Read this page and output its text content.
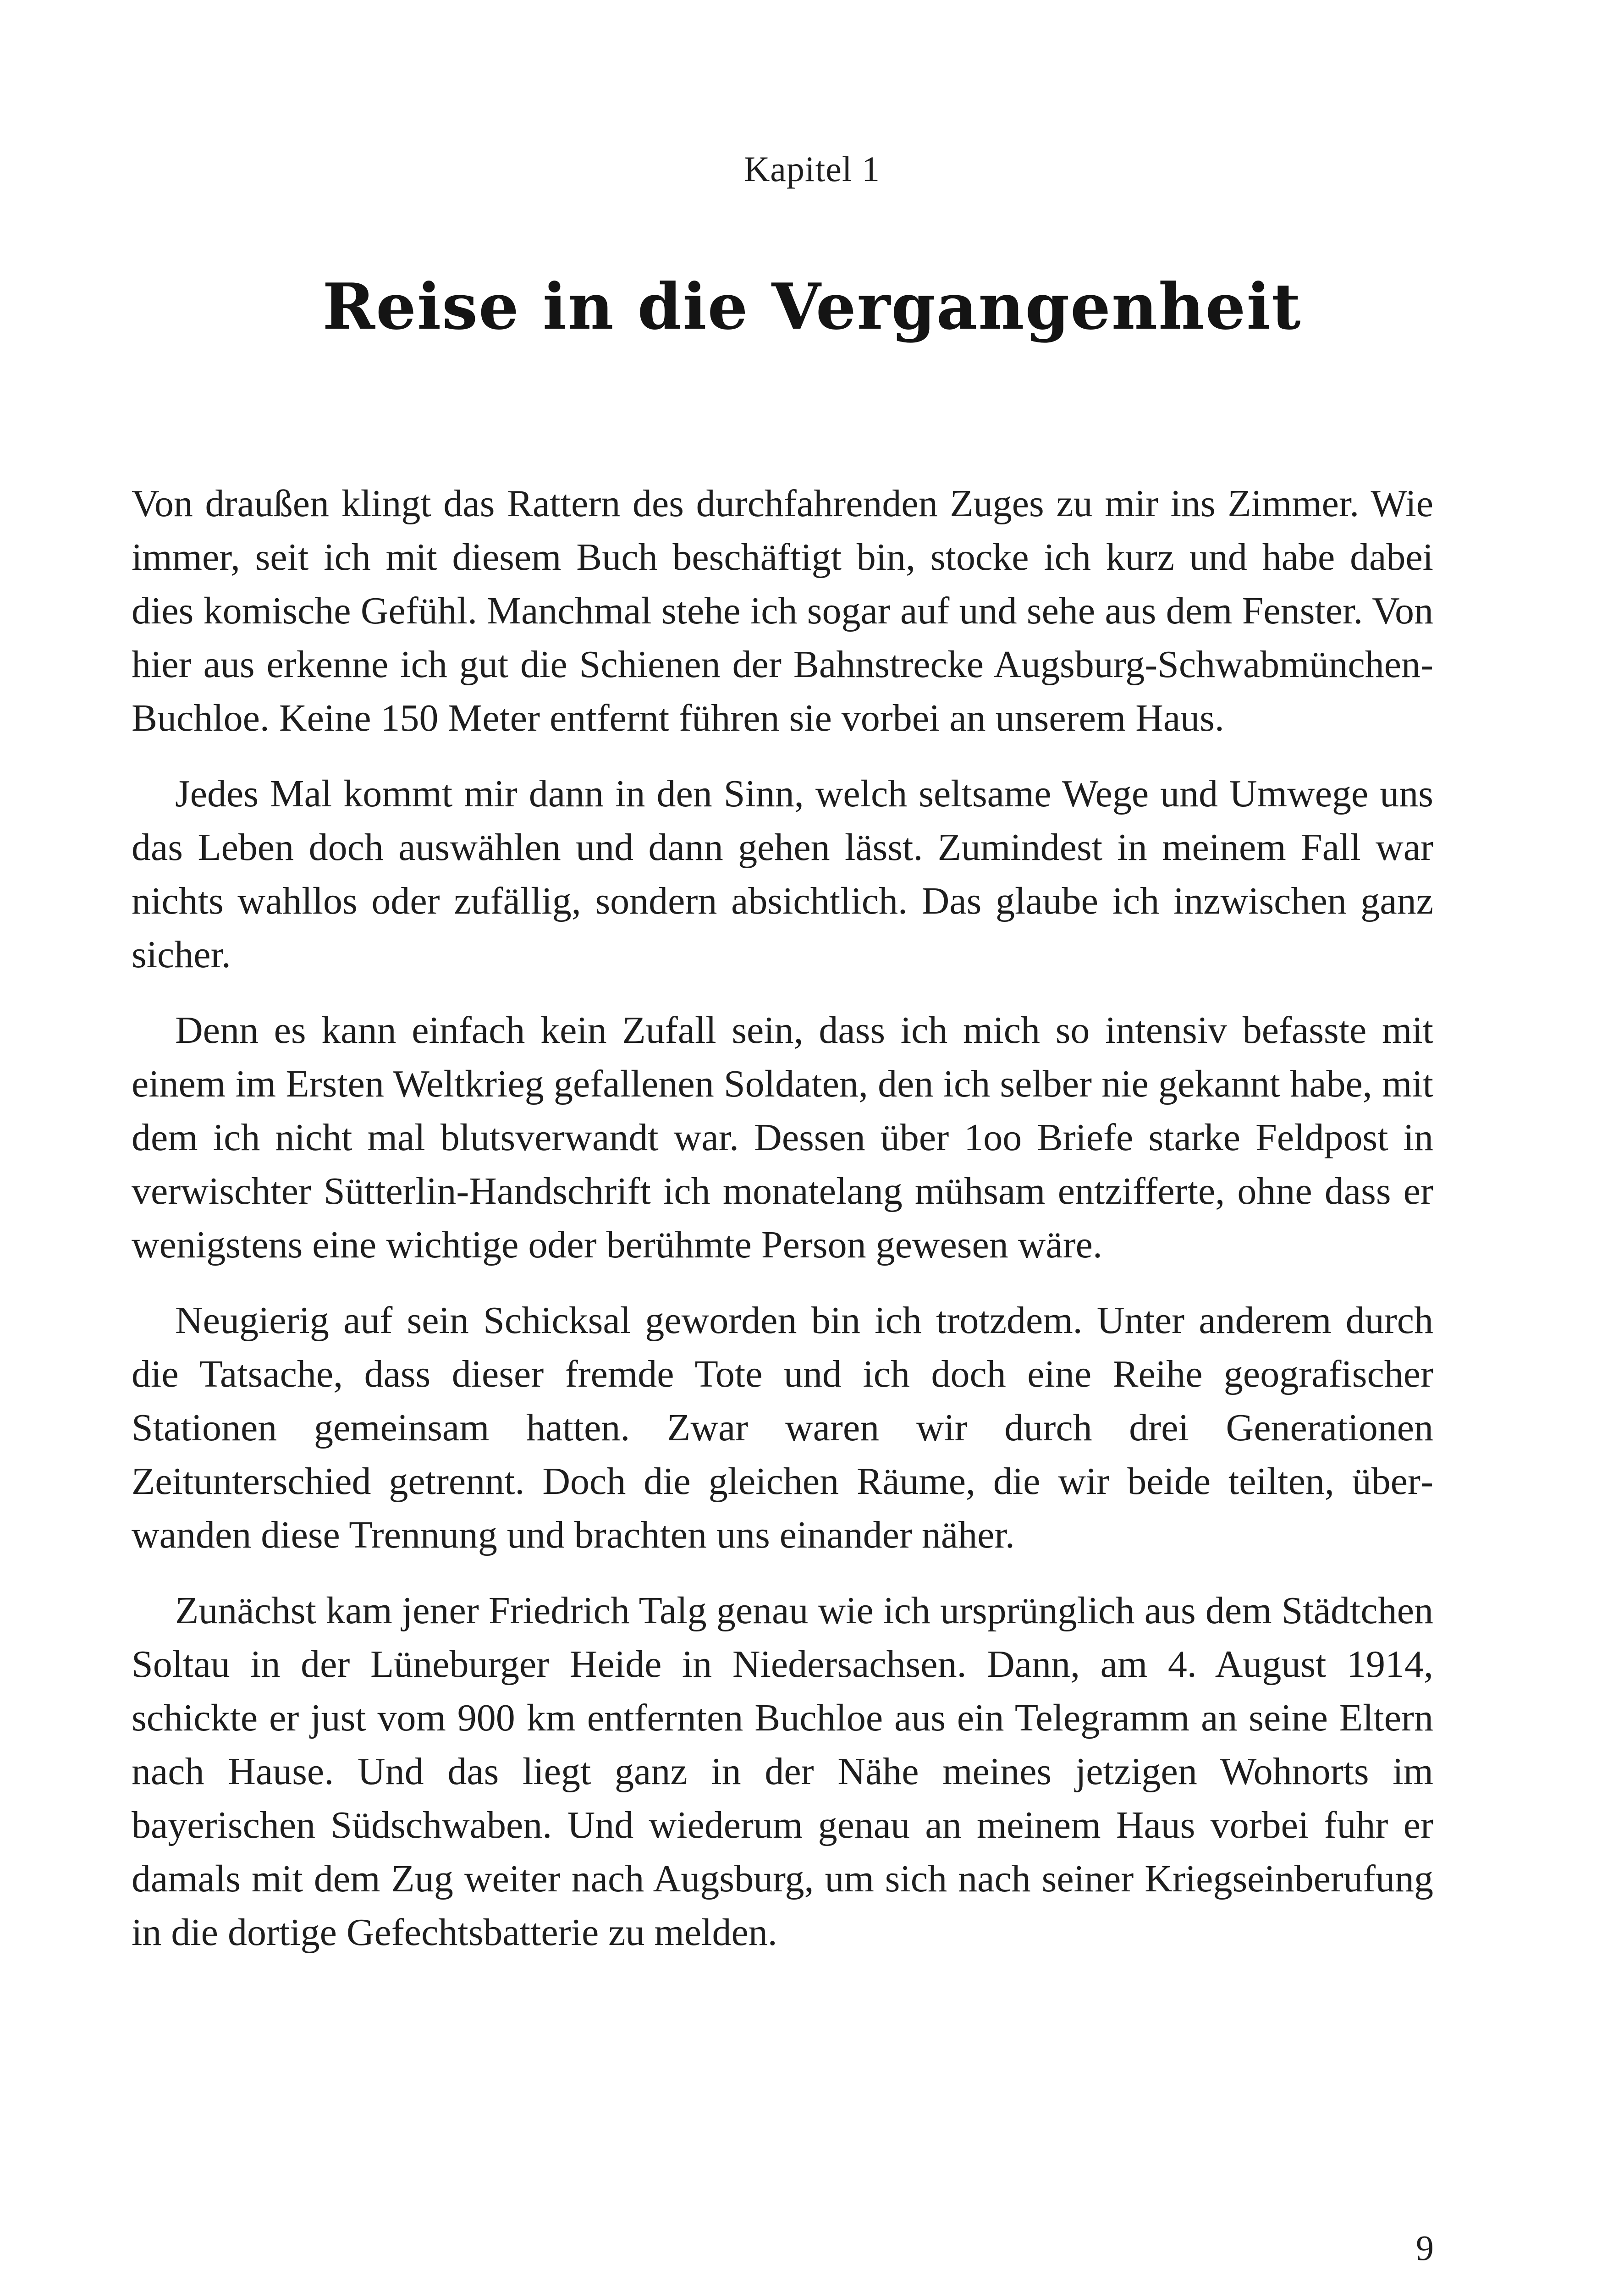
Kapitel 1
Reise in die Vergangenheit

Von draußen klingt das Rattern des durchfahrenden Zuges zu mir ins Zimmer. Wie immer, seit ich mit diesem Buch beschäftigt bin, stocke ich kurz und habe dabei dies komische Gefühl. Manchmal stehe ich sogar auf und sehe aus dem Fenster. Von hier aus erkenne ich gut die Schienen der Bahnstrecke Augsburg-Schwabmünchen-Buchloe. Keine 150 Meter entfernt führen sie vorbei an unserem Haus.

Jedes Mal kommt mir dann in den Sinn, welch seltsame Wege und Umwege uns das Leben doch auswählen und dann gehen lässt. Zumindest in meinem Fall war nichts wahllos oder zufällig, sondern absichtlich. Das glaube ich inzwischen ganz sicher.

Denn es kann einfach kein Zufall sein, dass ich mich so intensiv befasste mit einem im Ersten Weltkrieg gefallenen Soldaten, den ich selber nie gekannt habe, mit dem ich nicht mal blutsverwandt war. Dessen über 1oo Briefe starke Feldpost in verwischter Sütterlin-Handschrift ich monatelang mühsam entzifferte, ohne dass er wenigstens eine wichtige oder berühmte Person gewesen wäre.

Neugierig auf sein Schicksal geworden bin ich trotzdem. Unter anderem durch die Tatsache, dass dieser fremde Tote und ich doch eine Reihe geografischer Stationen gemeinsam hatten. Zwar waren wir durch drei Generationen Zeitunterschied getrennt. Doch die gleichen Räume, die wir beide teilten, überwanden diese Trennung und brachten uns einander näher.

Zunächst kam jener Friedrich Talg genau wie ich ursprünglich aus dem Städtchen Soltau in der Lüneburger Heide in Niedersachsen. Dann, am 4. August 1914, schickte er just vom 900 km entfernten Buchloe aus ein Telegramm an seine Eltern nach Hause. Und das liegt ganz in der Nähe meines jetzigen Wohnorts im bayerischen Südschwaben. Und wiederum genau an meinem Haus vorbei fuhr er damals mit dem Zug weiter nach Augsburg, um sich nach seiner Kriegseinberufung in die dortige Gefechtsbatterie zu melden.

9
